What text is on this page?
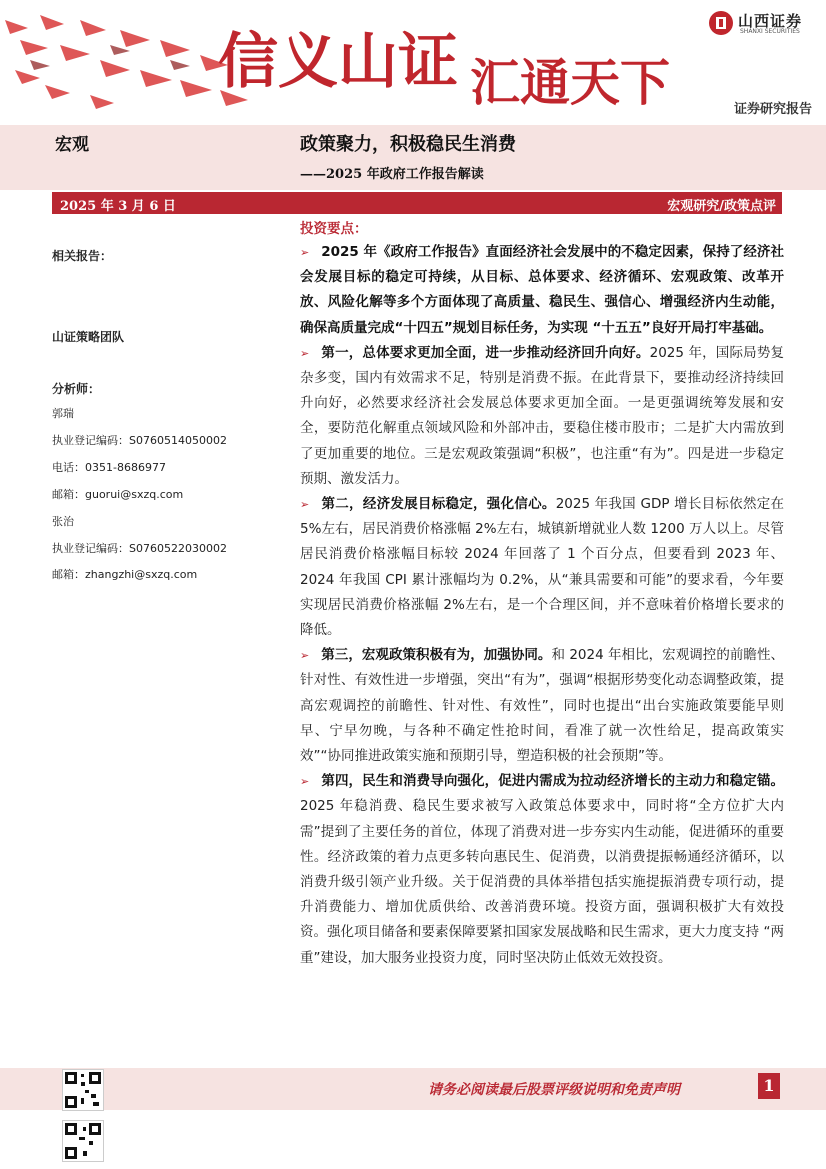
信义山证 汇通天下
山西证券
SHANXI SECURITIES
证券研究报告
宏观	政策聚力，积极稳民生消费
——2025 年政府工作报告解读
2025 年 3 月 6 日	宏观研究/政策点评
相关报告：
山证策略团队
分析师：
郭瑞
执业登记编码：S0760514050002
电话：0351-8686977
邮箱：guorui@sxzq.com
张治
执业登记编码：S0760522030002
邮箱：zhangzhi@sxzq.com
投资要点：

➢ 2025 年《政府工作报告》直面经济社会发展中的不稳定因素，保持了经济社会发展目标的稳定可持续，从目标、总体要求、经济循环、宏观政策、改革开放、风险化解等多个方面体现了高质量、稳民生、强信心、增强经济内生动能，确保高质量完成“十四五”规划目标任务，为实现 “十五五”良好开局打牢基础。

➢ 第一，总体要求更加全面，进一步推动经济回升向好。2025 年，国际局势复杂多变，国内有效需求不足，特别是消费不振。在此背景下，要推动经济持续回升向好，必然要求经济社会发展总体要求更加全面。一是更强调统筹发展和安全，要防范化解重点领域风险和外部冲击，要稳住楼市股市；二是扩大内需放到了更加重要的地位。三是宏观政策强调“积极”，也注重“有为”。四是进一步稳定预期、激发活力。

➢ 第二，经济发展目标稳定，强化信心。2025 年我国 GDP 增长目标依然定在 5%左右，居民消费价格涨幅 2%左右，城镇新增就业人数 1200 万人以上。尽管居民消费价格涨幅目标较 2024 年回落了 1 个百分点，但要看到 2023 年、2024 年我国 CPI 累计涨幅均为 0.2%，从“兼具需要和可能”的要求看，今年要实现居民消费价格涨幅 2%左右，是一个合理区间，并不意味着价格增长要求的降低。

➢ 第三，宏观政策积极有为，加强协同。和 2024 年相比，宏观调控的前瞻性、针对性、有效性进一步增强，突出“有为”，强调“根据形势变化动态调整政策，提高宏观调控的前瞻性、针对性、有效性”，同时也提出“出台实施政策要能早则早、宁早勿晚，与各种不确定性抢时间，看准了就一次性给足，提高政策实效”“协同推进政策实施和预期引导，塑造积极的社会预期”等。

➢ 第四，民生和消费导向强化，促进内需成为拉动经济增长的主动力和稳定锚。2025 年稳消费、稳民生要求被写入政策总体要求中，同时将“全方位扩大内需”提到了主要任务的首位，体现了消费对进一步夯实内生动能，促进循环的重要性。经济政策的着力点更多转向惠民生、促消费，以消费提振畅通经济循环，以消费升级引领产业升级。关于促消费的具体举措包括实施提振消费专项行动，提升消费能力、增加优质供给、改善消费环境。投资方面，强调积极扩大有效投资。强化项目储备和要素保障要紧扣国家发展战略和民生需求，更大力度支持 “两重”建设，加大服务业投资力度，同时坚决防止低效无效投资。

请务必阅读最后股票评级说明和免责声明	1
